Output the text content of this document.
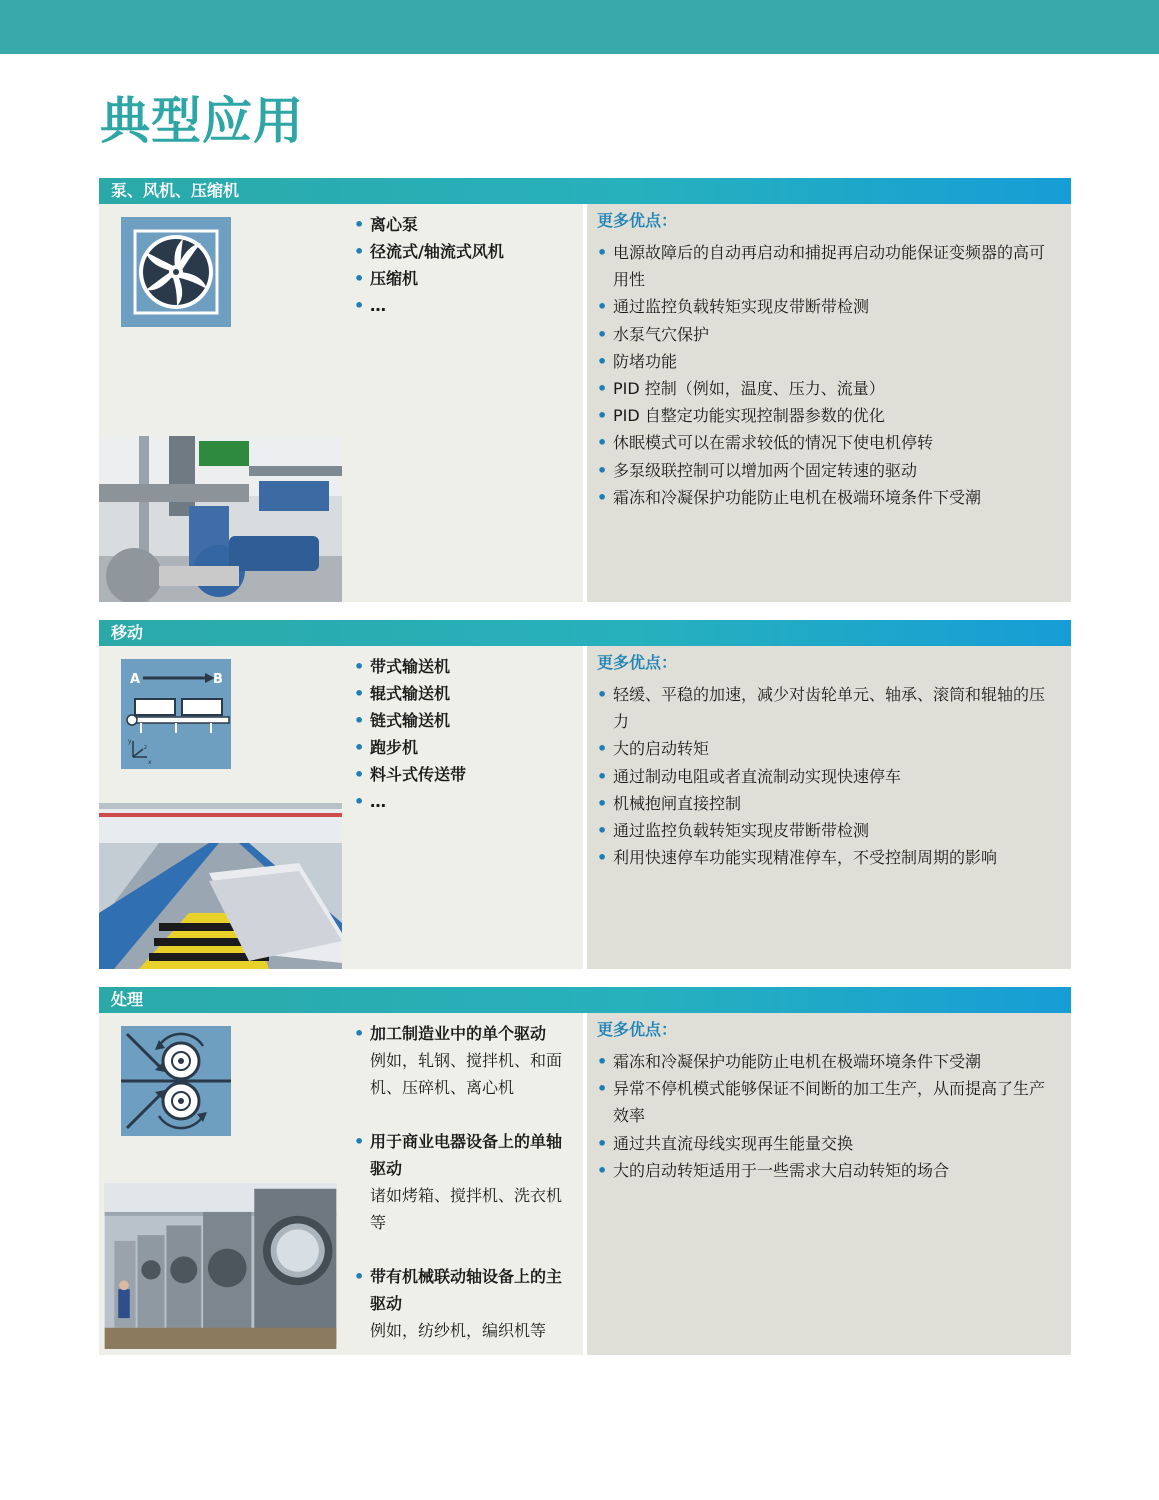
典型应用
泵、风机、压缩机
• 离心泵
• 径流式/轴流式风机
• 压缩机
• …
更多优点：
• 电源故障后的自动再启动和捕捉再启动功能保证变频器的高可用性
• 通过监控负载转矩实现皮带断带检测
• 水泵气穴保护
• 防堵功能
• PID 控制（例如，温度、压力、流量）
• PID 自整定功能实现控制器参数的优化
• 休眠模式可以在需求较低的情况下使电机停转
• 多泵级联控制可以增加两个固定转速的驱动
• 霜冻和冷凝保护功能防止电机在极端环境条件下受潮
移动
A	B
y
z
x
• 带式输送机
• 辊式输送机
• 链式输送机
• 跑步机
• 料斗式传送带
• …
更多优点：
• 轻缓、平稳的加速，减少对齿轮单元、轴承、滚筒和辊轴的压力
• 大的启动转矩
• 通过制动电阻或者直流制动实现快速停车
• 机械抱闸直接控制
• 通过监控负载转矩实现皮带断带检测
• 利用快速停车功能实现精准停车，不受控制周期的影响
处理
• 加工制造业中的单个驱动
例如，轧钢、搅拌机、和面机、压碎机、离心机
• 用于商业电器设备上的单轴驱动
诸如烤箱、搅拌机、洗衣机等
• 带有机械联动轴设备上的主驱动
例如，纺纱机，编织机等
更多优点：
• 霜冻和冷凝保护功能防止电机在极端环境条件下受潮
• 异常不停机模式能够保证不间断的加工生产，从而提高了生产效率
• 通过共直流母线实现再生能量交换
• 大的启动转矩适用于一些需求大启动转矩的场合
